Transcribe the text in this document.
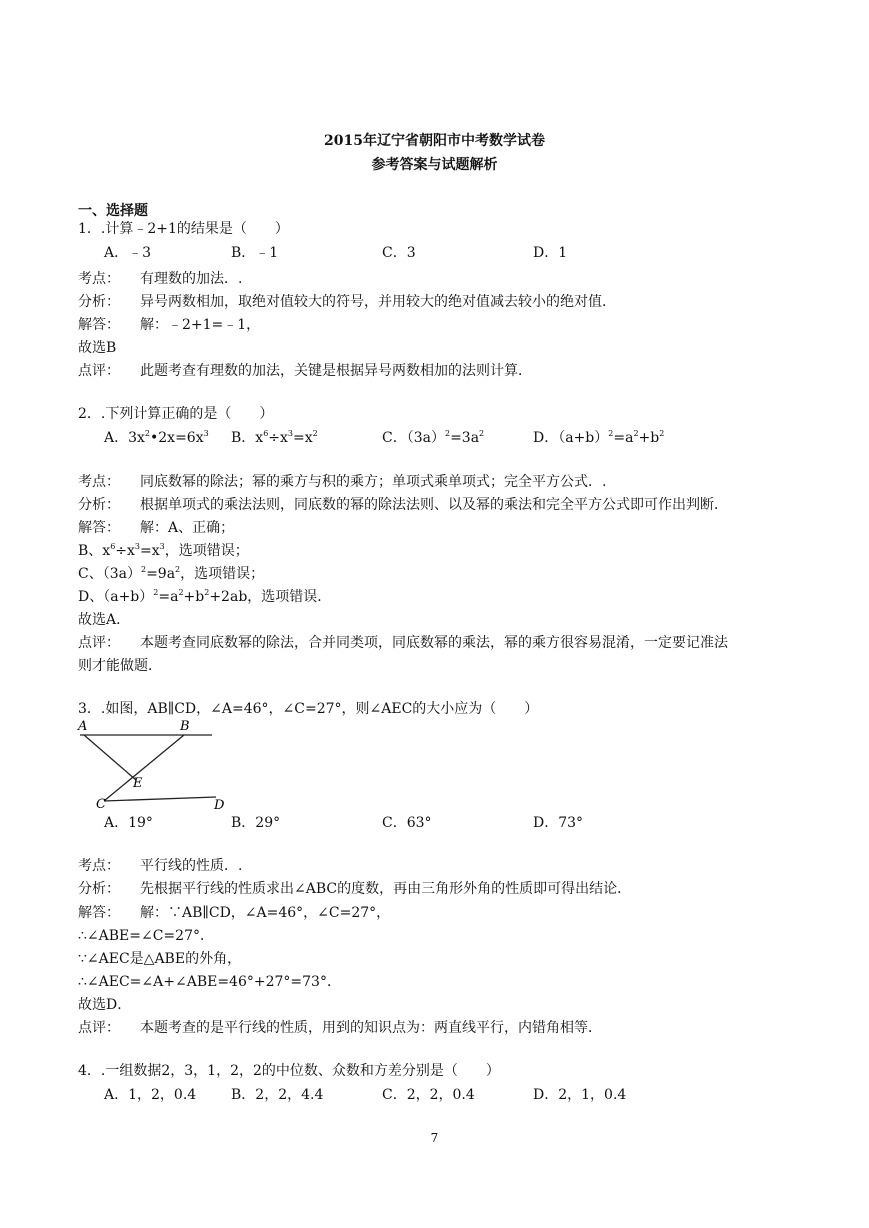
2015年辽宁省朝阳市中考数学试卷
参考答案与试题解析
一、选择题
1．.计算﹣2+1的结果是（　　）
A．﹣3	B．﹣1	C．3	D．1
考点： 有理数的加法．.
分析： 异号两数相加，取绝对值较大的符号，并用较大的绝对值减去较小的绝对值．
解答： 解：﹣2+1=﹣1，
故选B
点评： 此题考查有理数的加法，关键是根据异号两数相加的法则计算．
2．.下列计算正确的是（　　）
A．$3x^2•2x=6x^3$ B．$x^6\div x^3=x^2$	C．$(3a)^2=3a^2$	D．$(a+b)^2=a^2+b^2$
考点： 同底数幂的除法；幂的乘方与积的乘方；单项式乘单项式；完全平方公式．.
分析： 根据单项式的乘法法则，同底数的幂的除法法则、以及幂的乘法和完全平方公式即可作出判断．
解答： 解：A、正确；
B、$x^6\div x^3=x^3$，选项错误；
C、$(3a)^2=9a^2$，选项错误；
D、$(a+b)^2=a^2+b^2+2ab$，选项错误．
故选A．
点评： 本题考查同底数幂的除法，合并同类项，同底数幂的乘法，幂的乘方很容易混淆，一定要记准法
则才能做题．
3．.如图，AB∥CD，∠A=46°，∠C=27°，则∠AEC的大小应为（　　）
A	B
E
C	D
A．19°	B．29°	C．63°	D．73°
考点： 平行线的性质．.
分析： 先根据平行线的性质求出∠ABC的度数，再由三角形外角的性质即可得出结论．
解答： 解：∵AB∥CD，∠A=46°，∠C=27°，
∴∠ABE=∠C=27°．
∵∠AEC是△ABE的外角，
∴∠AEC=∠A+∠ABE=46°+27°=73°．
故选D．
点评： 本题考查的是平行线的性质，用到的知识点为：两直线平行，内错角相等．
4．.一组数据2，3，1，2，2的中位数、众数和方差分别是（　　）
A．1，2，0.4 B．2，2，4.4	C．2，2，0.4	D．2，1，0.4
7
